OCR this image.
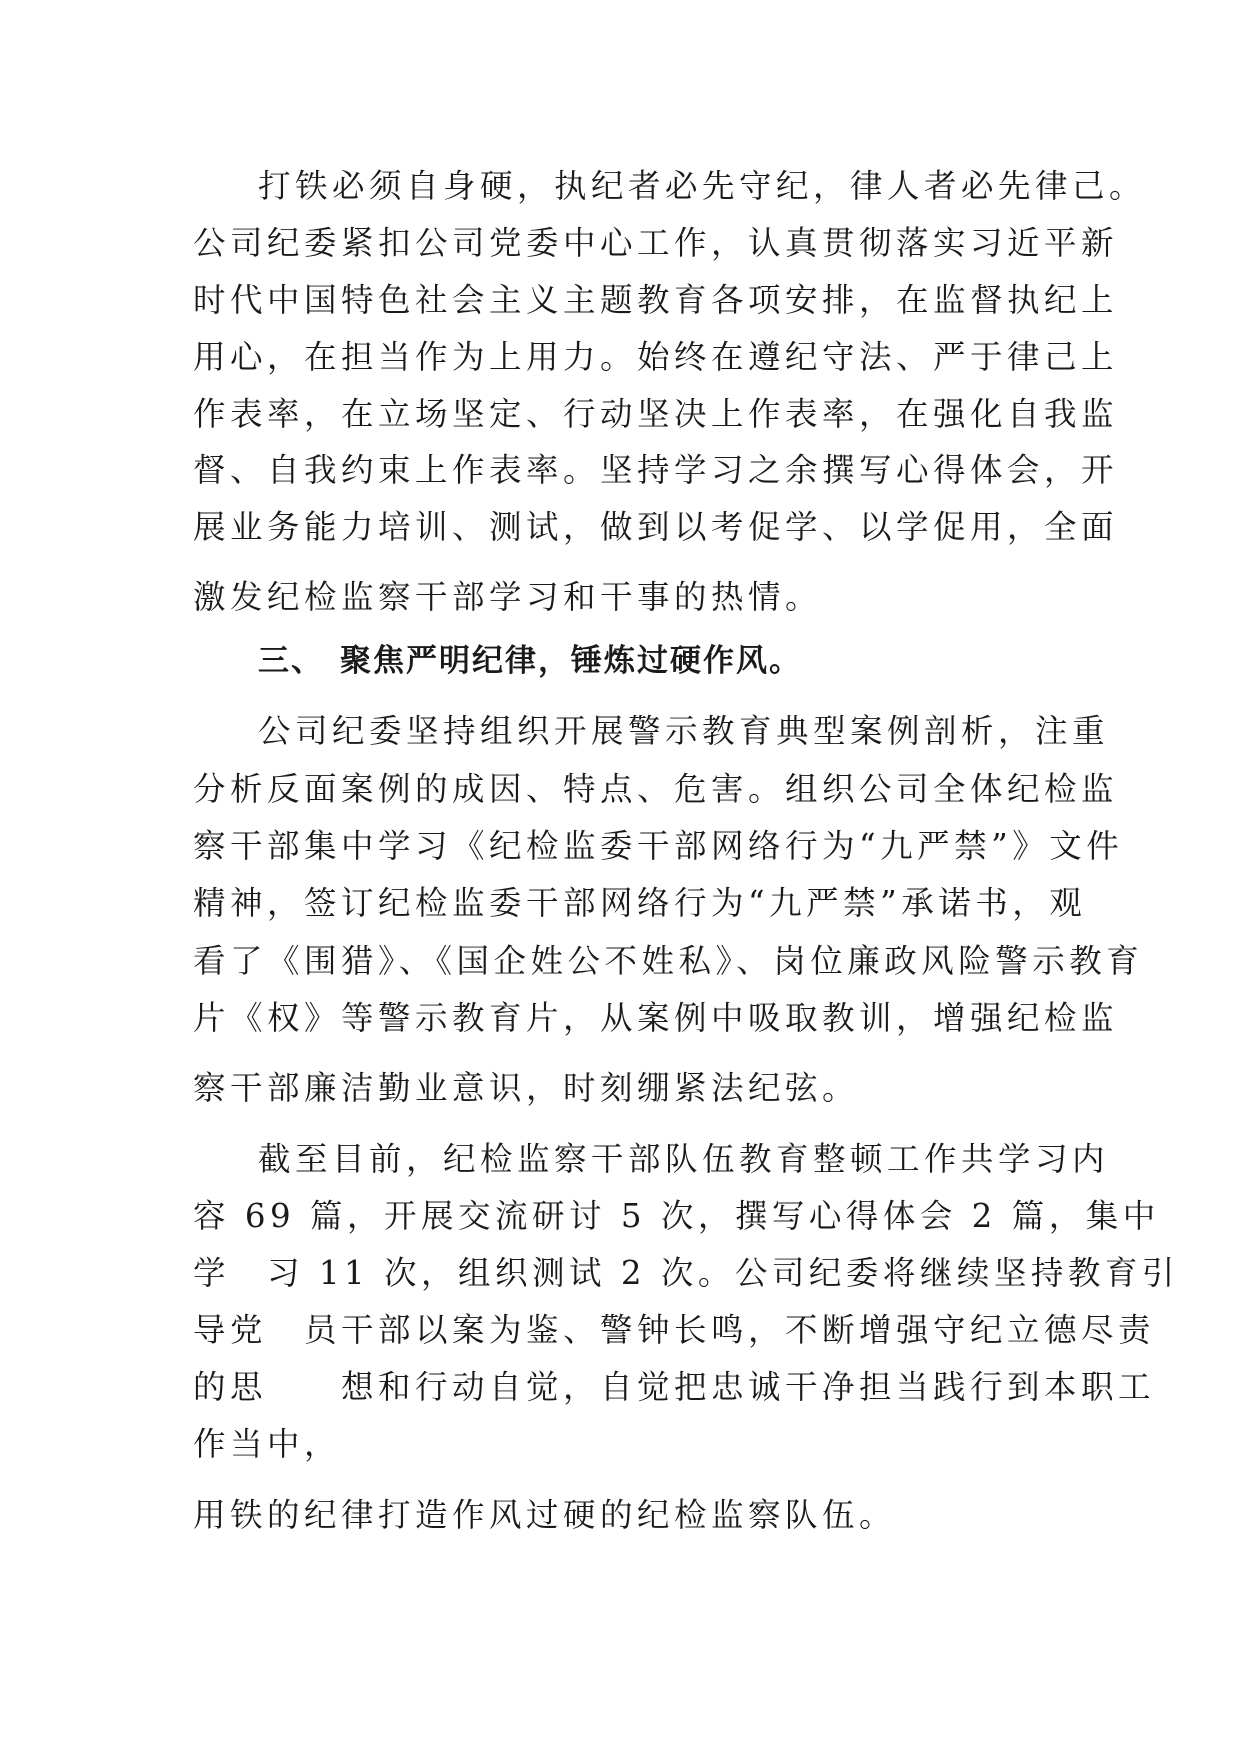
打铁必须自身硬，执纪者必先守纪，律人者必先律己。

公司纪委紧扣公司党委中心工作，认真贯彻落实习近平新

时代中国特色社会主义主题教育各项安排，在监督执纪上

用心，在担当作为上用力。始终在遵纪守法、严于律己上

作表率，在立场坚定、行动坚决上作表率，在强化自我监

督、自我约束上作表率。坚持学习之余撰写心得体会，开

展业务能力培训、测试，做到以考促学、以学促用，全面

激发纪检监察干部学习和干事的热情。

三、 聚焦严明纪律，锤炼过硬作风。

公司纪委坚持组织开展警示教育典型案例剖析，注重

分析反面案例的成因、特点、危害。组织公司全体纪检监

察干部集中学习《纪检监委干部网络行为“九严禁”》文件

精神，签订纪检监委干部网络行为“九严禁”承诺书，观

看了《围猎》、《国企姓公不姓私》、岗位廉政风险警示教育

片《权》等警示教育片，从案例中吸取教训，增强纪检监

察干部廉洁勤业意识，时刻绷紧法纪弦。

截至目前，纪检监察干部队伍教育整顿工作共学习内

容 69 篇，开展交流研讨 5 次，撰写心得体会 2 篇，集中

学　习 11 次，组织测试 2 次。公司纪委将继续坚持教育引

导党　员干部以案为鉴、警钟长鸣，不断增强守纪立德尽责

的思　　想和行动自觉，自觉把忠诚干净担当践行到本职工

作当中，

用铁的纪律打造作风过硬的纪检监察队伍。
